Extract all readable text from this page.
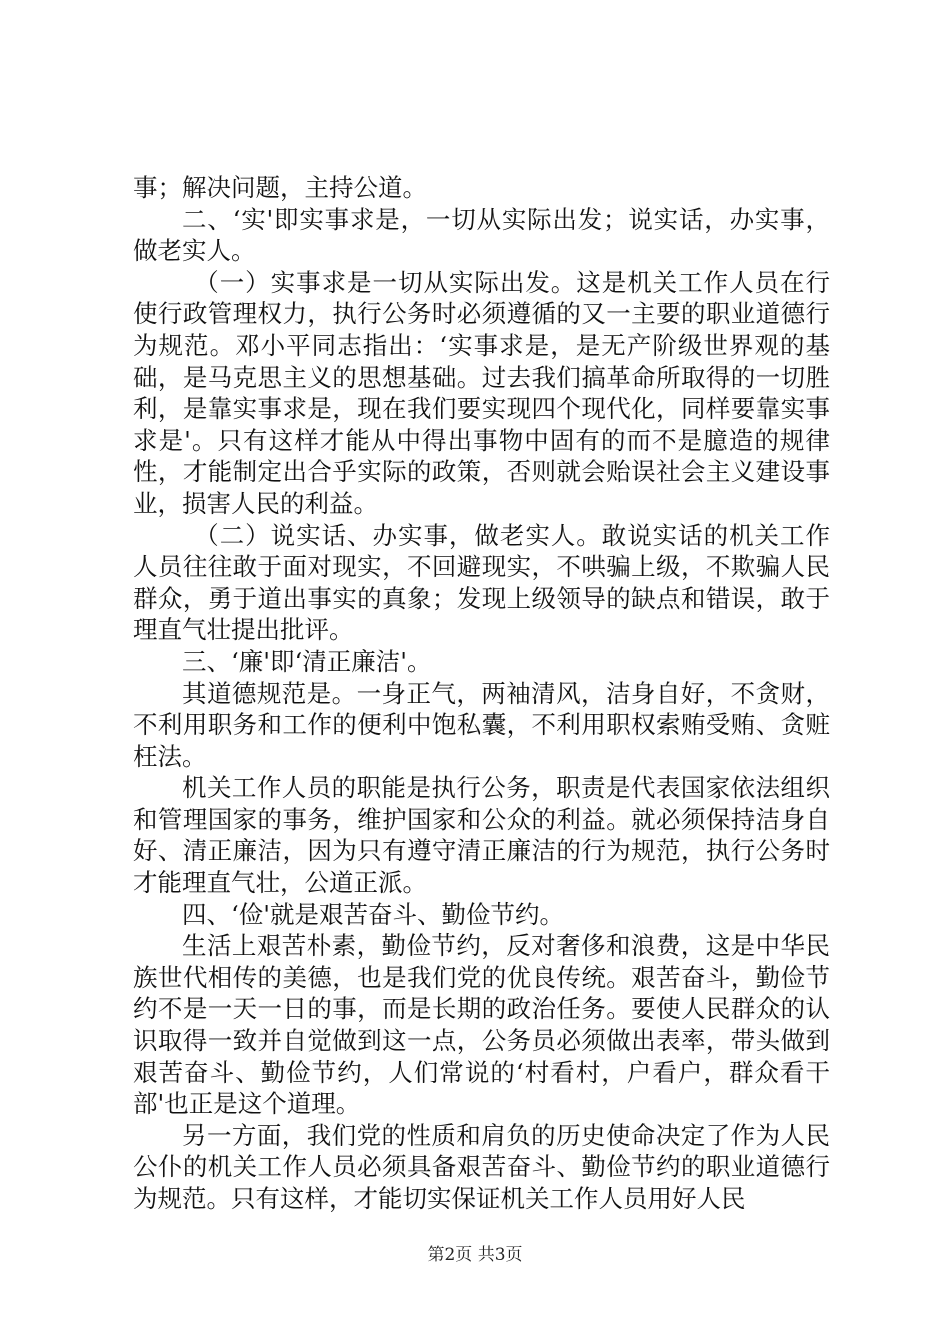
事；解决问题，主持公道。

二、‘实'即实事求是，一切从实际出发；说实话，办实事，做老实人。

（一）实事求是一切从实际出发。这是机关工作人员在行使行政管理权力，执行公务时必须遵循的又一主要的职业道德行为规范。邓小平同志指出：‘实事求是，是无产阶级世界观的基础，是马克思主义的思想基础。过去我们搞革命所取得的一切胜利，是靠实事求是，现在我们要实现四个现代化，同样要靠实事求是'。只有这样才能从中得出事物中固有的而不是臆造的规律性，才能制定出合乎实际的政策，否则就会贻误社会主义建设事业，损害人民的利益。

（二）说实话、办实事，做老实人。敢说实话的机关工作人员往往敢于面对现实，不回避现实，不哄骗上级，不欺骗人民群众，勇于道出事实的真象；发现上级领导的缺点和错误，敢于理直气壮提出批评。

三、‘廉'即‘清正廉洁'。

其道德规范是。一身正气，两袖清风，洁身自好，不贪财，不利用职务和工作的便利中饱私囊，不利用职权索贿受贿、贪赃枉法。

机关工作人员的职能是执行公务，职责是代表国家依法组织和管理国家的事务，维护国家和公众的利益。就必须保持洁身自好、清正廉洁，因为只有遵守清正廉洁的行为规范，执行公务时才能理直气壮，公道正派。

四、‘俭'就是艰苦奋斗、勤俭节约。

生活上艰苦朴素，勤俭节约，反对奢侈和浪费，这是中华民族世代相传的美德，也是我们党的优良传统。艰苦奋斗，勤俭节约不是一天一日的事，而是长期的政治任务。要使人民群众的认识取得一致并自觉做到这一点，公务员必须做出表率，带头做到艰苦奋斗、勤俭节约，人们常说的‘村看村，户看户，群众看干部'也正是这个道理。

另一方面，我们党的性质和肩负的历史使命决定了作为人民公仆的机关工作人员必须具备艰苦奋斗、勤俭节约的职业道德行为规范。只有这样，才能切实保证机关工作人员用好人民

第2页 共3页
